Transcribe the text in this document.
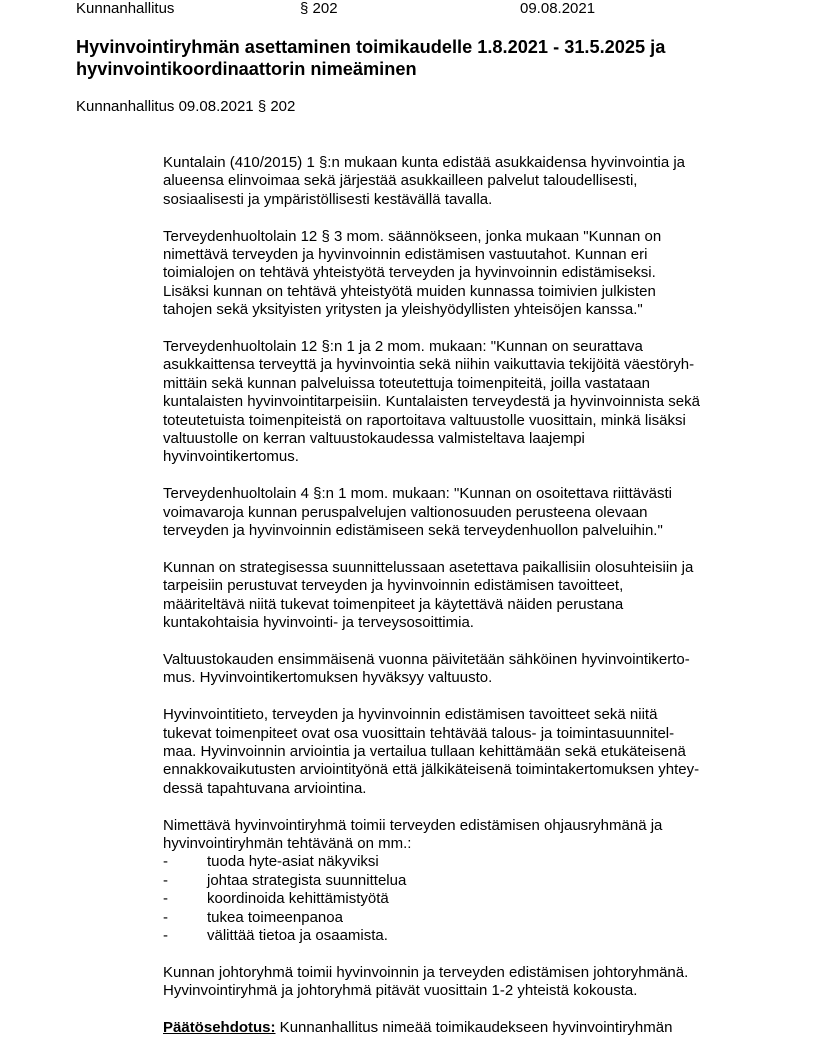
Kunnanhallitus	§ 202	09.08.2021
Hyvinvointiryhmän asettaminen toimikaudelle 1.8.2021 - 31.5.2025 ja hyvinvointikoordinaattorin nimeäminen

Kunnanhallitus 09.08.2021 § 202

Kuntalain (410/2015) 1 §:n mukaan kunta edistää asukkaidensa hyvinvointia ja
alueensa elinvoimaa sekä järjestää asukkailleen palvelut taloudellisesti,
sosiaalisesti ja ympäristöllisesti kestävällä tavalla.

Terveydenhuoltolain 12 § 3 mom. säännökseen, jonka mukaan "Kunnan on
nimettävä terveyden ja hyvinvoinnin edistämisen vastuutahot. Kunnan eri
toimialojen on tehtävä yhteistyötä terveyden ja hyvinvoinnin edistämiseksi.
Lisäksi kunnan on tehtävä yhteistyötä muiden kunnassa toimivien julkisten
tahojen sekä yksityisten yritysten ja yleishyödyllisten yhteisöjen kanssa."

Terveydenhuoltolain 12 §:n 1 ja 2 mom. mukaan: "Kunnan on seurattava
asukkaittensa terveyttä ja hyvinvointia sekä niihin vaikuttavia tekijöitä väestöryh-
mittäin sekä kunnan palveluissa toteutettuja toimenpiteitä, joilla vastataan
kuntalaisten hyvinvointitarpeisiin. Kuntalaisten terveydestä ja hyvinvoinnista sekä
toteutetuista toimenpiteistä on raportoitava valtuustolle vuosittain, minkä lisäksi
valtuustolle on kerran valtuustokaudessa valmisteltava laajempi
hyvinvointikertomus.

Terveydenhuoltolain 4 §:n 1 mom. mukaan: "Kunnan on osoitettava riittävästi
voimavaroja kunnan peruspalvelujen valtionosuuden perusteena olevaan
terveyden ja hyvinvoinnin edistämiseen sekä terveydenhuollon palveluihin."

Kunnan on strategisessa suunnittelussaan asetettava paikallisiin olosuhteisiin ja
tarpeisiin perustuvat terveyden ja hyvinvoinnin edistämisen tavoitteet,
määriteltävä niitä tukevat toimenpiteet ja käytettävä näiden perustana
kuntakohtaisia hyvinvointi- ja terveysosoittimia.

Valtuustokauden ensimmäisenä vuonna päivitetään sähköinen hyvinvointikerto-
mus. Hyvinvointikertomuksen hyväksyy valtuusto.

Hyvinvointitieto, terveyden ja hyvinvoinnin edistämisen tavoitteet sekä niitä
tukevat toimenpiteet ovat osa vuosittain tehtävää talous- ja toimintasuunnitel-
maa. Hyvinvoinnin arviointia ja vertailua tullaan kehittämään sekä etukäteisenä
ennakkovaikutusten arviointityönä että jälkikäteisenä toimintakertomuksen yhtey-
dessä tapahtuvana arviointina.

Nimettävä hyvinvointiryhmä toimii terveyden edistämisen ohjausryhmänä ja
hyvinvointiryhmän tehtävänä on mm.:

-	tuoda hyte-asiat näkyviksi
-	johtaa strategista suunnittelua
-	koordinoida kehittämistyötä
-	tukea toimeenpanoa
-	välittää tietoa ja osaamista.

Kunnan johtoryhmä toimii hyvinvoinnin ja terveyden edistämisen johtoryhmänä.
Hyvinvointiryhmä ja johtoryhmä pitävät vuosittain 1-2 yhteistä kokousta.

Päätösehdotus: Kunnanhallitus nimeää toimikaudekseen hyvinvointiryhmän
